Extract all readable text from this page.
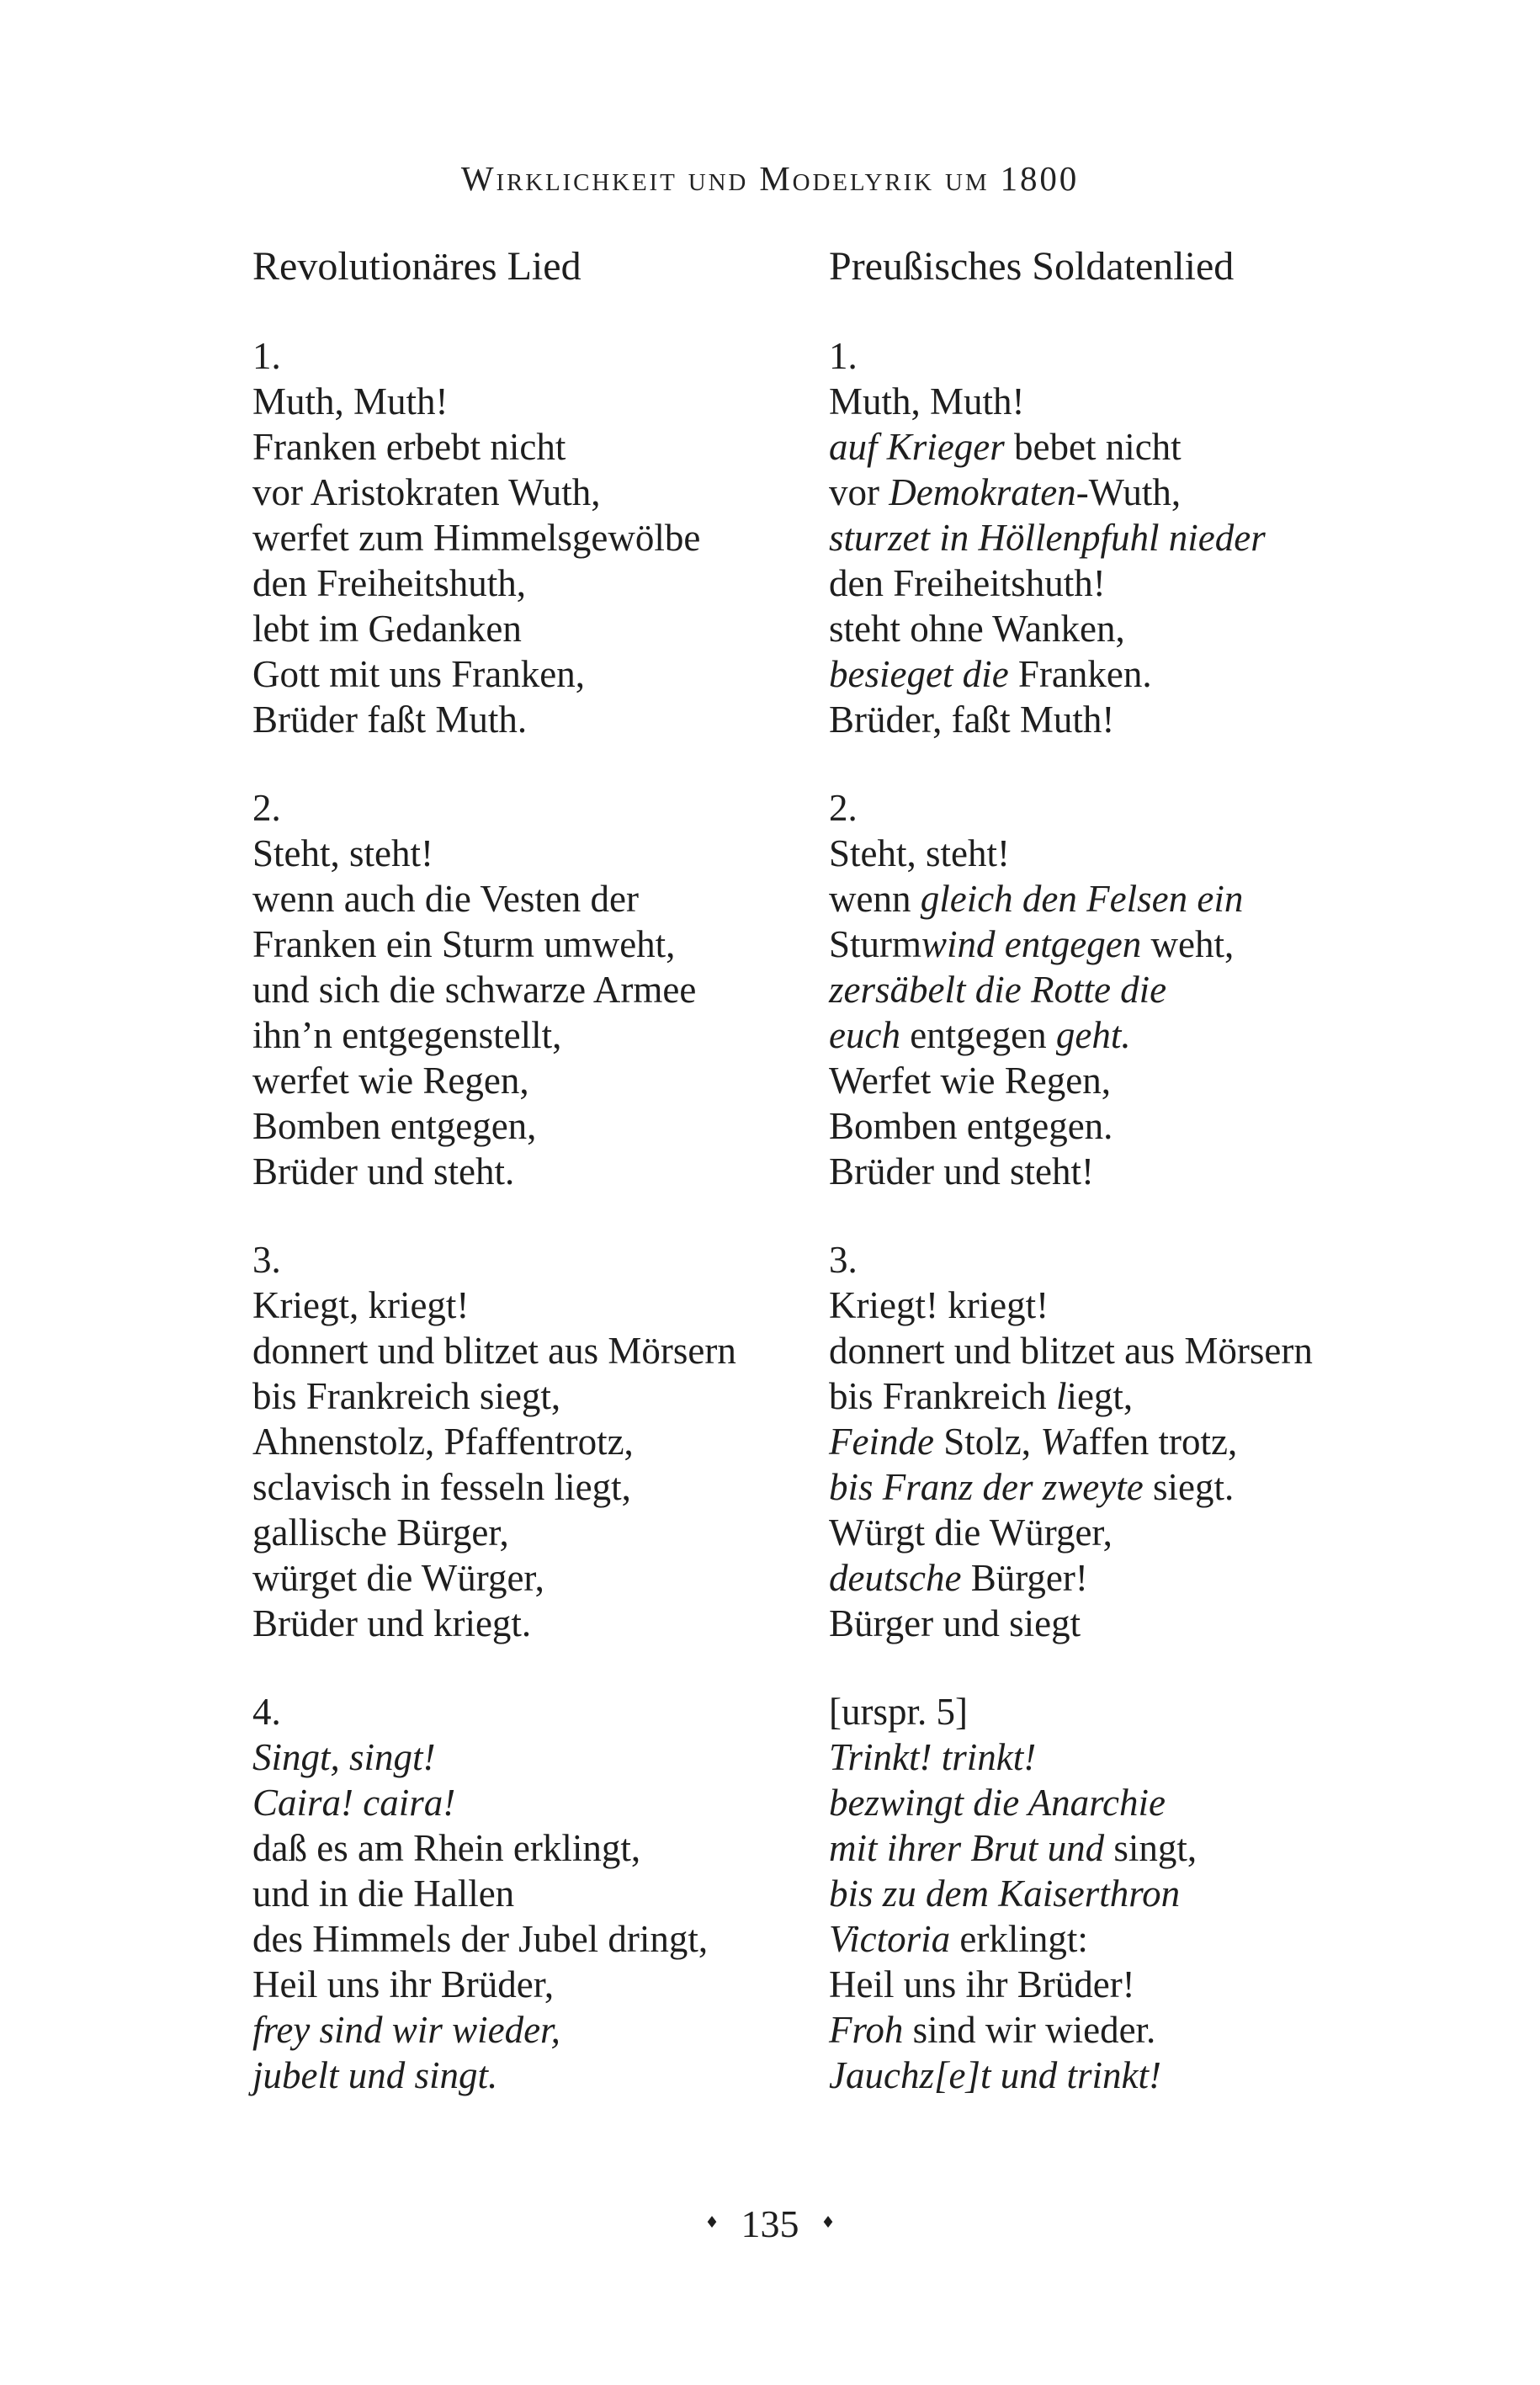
Wirklichkeit und Modelyrik um 1800
Revolutionäres Lied
1.
Muth, Muth!
Franken erbebt nicht
vor Aristokraten Wuth,
werfet zum Himmelsgewölbe
den Freiheitshuth,
lebt im Gedanken
Gott mit uns Franken,
Brüder faßt Muth.
2.
Steht, steht!
wenn auch die Vesten der
Franken ein Sturm umweht,
und sich die schwarze Armee
ihn’n entgegenstellt,
werfet wie Regen,
Bomben entgegen,
Brüder und steht.
3.
Kriegt, kriegt!
donnert und blitzet aus Mörsern
bis Frankreich siegt,
Ahnenstolz, Pfaffentrotz,
sclavisch in fesseln liegt,
gallische Bürger,
würget die Würger,
Brüder und kriegt.
4.
Singt, singt!
Caira! caira!
daß es am Rhein erklingt,
und in die Hallen
des Himmels der Jubel dringt,
Heil uns ihr Brüder,
frey sind wir wieder,
jubelt und singt.
Preußisches Soldatenlied
1.
Muth, Muth!
auf Krieger bebet nicht
vor Demokraten-Wuth,
sturzet in Höllenpfuhl nieder
den Freiheitshuth!
steht ohne Wanken,
besieget die Franken.
Brüder, faßt Muth!
2.
Steht, steht!
wenn gleich den Felsen ein
Sturmwind entgegen weht,
zersäbelt die Rotte die
euch entgegen geht.
Werfet wie Regen,
Bomben entgegen.
Brüder und steht!
3.
Kriegt! kriegt!
donnert und blitzet aus Mörsern
bis Frankreich liegt,
Feinde Stolz, Waffen trotz,
bis Franz der zweyte siegt.
Würgt die Würger,
deutsche Bürger!
Bürger und siegt
[urspr. 5]
Trinkt! trinkt!
bezwingt die Anarchie
mit ihrer Brut und singt,
bis zu dem Kaiserthron
Victoria erklingt:
Heil uns ihr Brüder!
Froh sind wir wieder.
Jauchz[e]t und trinkt!
♦ 135 ♦
